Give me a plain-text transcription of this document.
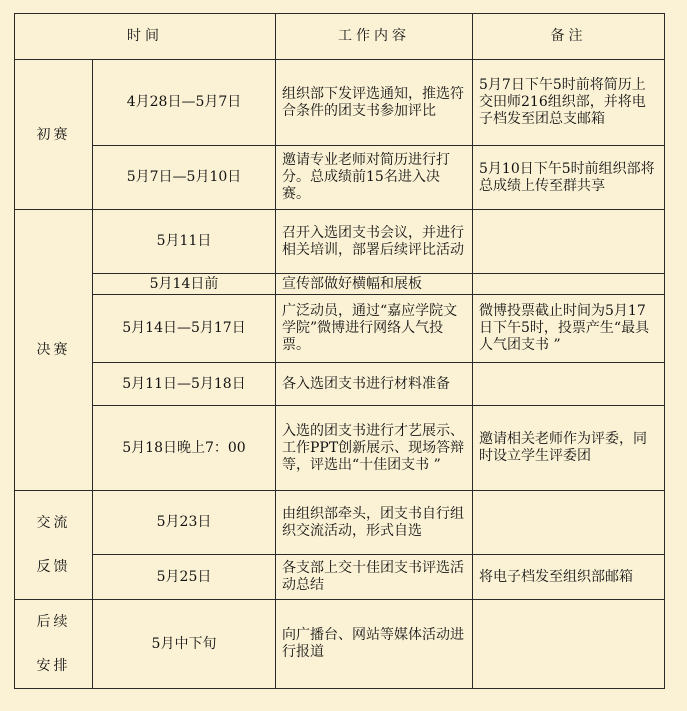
时间		工作内容	备注

初赛	4月28日—5月7日	组织部下发评选通知，推选符合条件的团支书参加评比	5月7日下午5时前将简历上交田师216组织部，并将电子档发至团总支邮箱
	5月7日—5月10日	邀请专业老师对简历进行打分。总成绩前15名进入决赛。	5月10日下午5时前组织部将总成绩上传至群共享

决赛	5月11日	召开入选团支书会议，并进行相关培训，部署后续评比活动	
	5月14日前	宣传部做好横幅和展板	
	5月14日—5月17日	广泛动员，通过“嘉应学院文学院”微博进行网络人气投票。	微博投票截止时间为5月17日下午5时，投票产生“最具人气团支书 ”
	5月11日—5月18日	各入选团支书进行材料准备	
	5月18日晚上7：00	入选的团支书进行才艺展示、工作PPT创新展示、现场答辩等，评选出“十佳团支书 ”	邀请相关老师作为评委，同时设立学生评委团

交流
反馈	5月23日	由组织部牵头，团支书自行组织交流活动，形式自选	
	5月25日	各支部上交十佳团支书评选活动总结	将电子档发至组织部邮箱

后续
安排	5月中下旬	向广播台、网站等媒体活动进行报道	
